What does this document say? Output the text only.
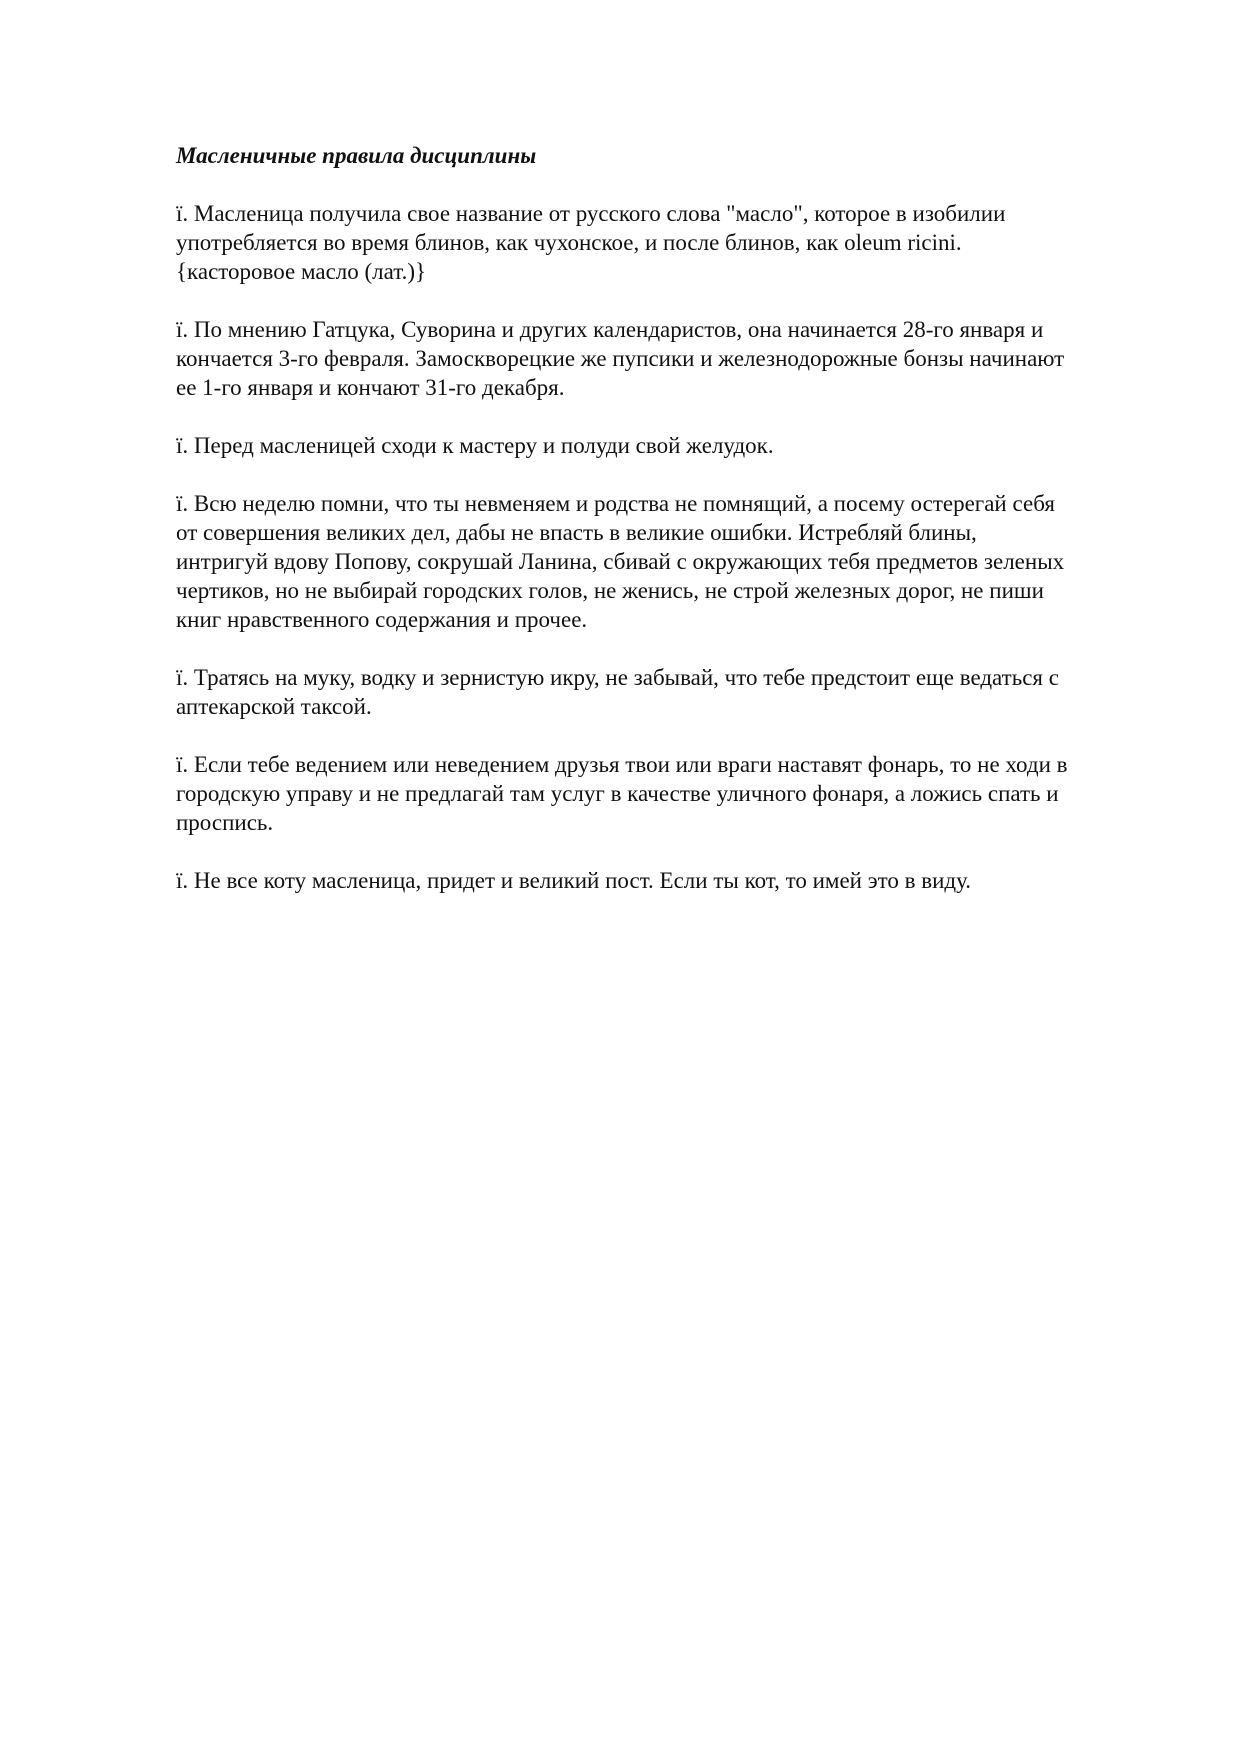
Масленичные правила дисциплины
ї. Масленица получила свое название от русского слова "масло", которое в изобилии
употребляется во время блинов, как чухонское, и после блинов, как oleum ricini.
{касторовое масло (лат.)}
ї. По мнению Гатцука, Суворина и других календаристов, она начинается 28-го января и
кончается 3-го февраля. Замоскворецкие же пупсики и железнодорожные бонзы начинают
ее 1-го января и кончают 31-го декабря.
ї. Перед масленицей сходи к мастеру и полуди свой желудок.
ї. Всю неделю помни, что ты невменяем и родства не помнящий, а посему остерегай себя
от совершения великих дел, дабы не впасть в великие ошибки. Истребляй блины,
интригуй вдову Попову, сокрушай Ланина, сбивай с окружающих тебя предметов зеленых
чертиков, но не выбирай городских голов, не женись, не строй железных дорог, не пиши
книг нравственного содержания и прочее.
ї. Тратясь на муку, водку и зернистую икру, не забывай, что тебе предстоит еще ведаться с
аптекарской таксой.
ї. Если тебе ведением или неведением друзья твои или враги наставят фонарь, то не ходи в
городскую управу и не предлагай там услуг в качестве уличного фонаря, а ложись спать и
проспись.
ї. Не все коту масленица, придет и великий пост. Если ты кот, то имей это в виду.
